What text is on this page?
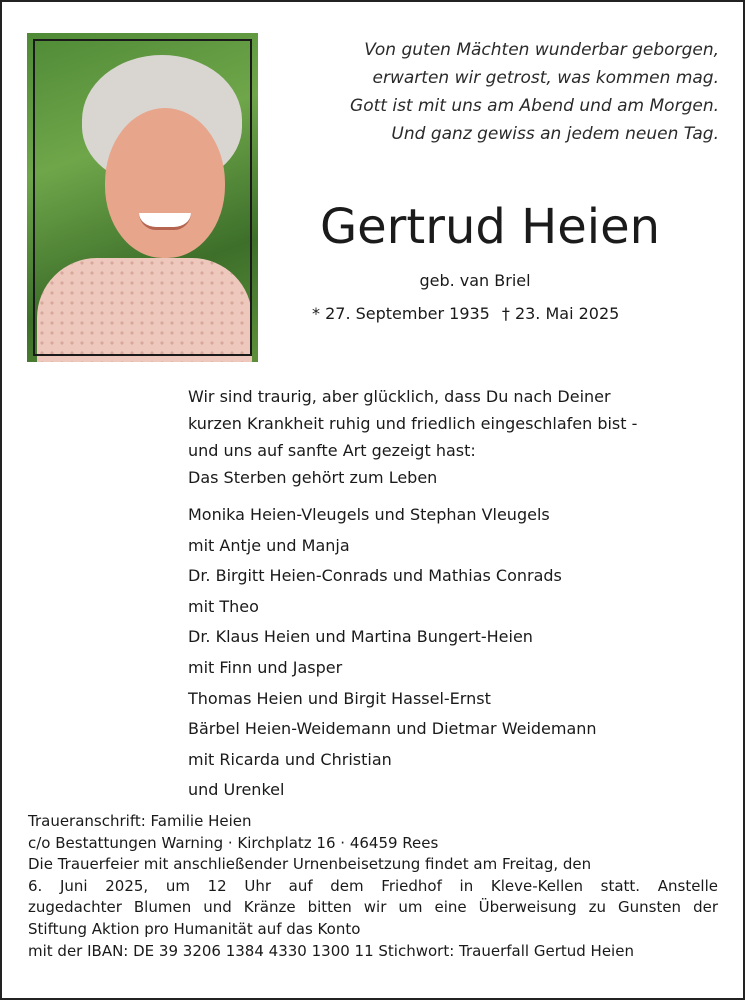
Von guten Mächten wunderbar geborgen,
erwarten wir getrost, was kommen mag.
Gott ist mit uns am Abend und am Morgen.
Und ganz gewiss an jedem neuen Tag.
Gertrud Heien
geb. van Briel
* 27. September 1935 † 23. Mai 2025
Wir sind traurig, aber glücklich, dass Du nach Deiner
kurzen Krankheit ruhig und friedlich eingeschlafen bist -
und uns auf sanfte Art gezeigt hast:
Das Sterben gehört zum Leben
Monika Heien-Vleugels und Stephan Vleugels
mit Antje und Manja
Dr. Birgitt Heien-Conrads und Mathias Conrads
mit Theo
Dr. Klaus Heien und Martina Bungert-Heien
mit Finn und Jasper
Thomas Heien und Birgit Hassel-Ernst
Bärbel Heien-Weidemann und Dietmar Weidemann
mit Ricarda und Christian
und Urenkel
Traueranschrift: Familie Heien
c/o Bestattungen Warning · Kirchplatz 16 · 46459 Rees
Die Trauerfeier mit anschließender Urnenbeisetzung findet am Freitag, den
6. Juni 2025, um 12 Uhr auf dem Friedhof in Kleve-Kellen statt. Anstelle
zugedachter Blumen und Kränze bitten wir um eine Überweisung zu Gunsten der
Stiftung Aktion pro Humanität auf das Konto
mit der IBAN: DE 39 3206 1384 4330 1300 11 Stichwort: Trauerfall Gertud Heien
